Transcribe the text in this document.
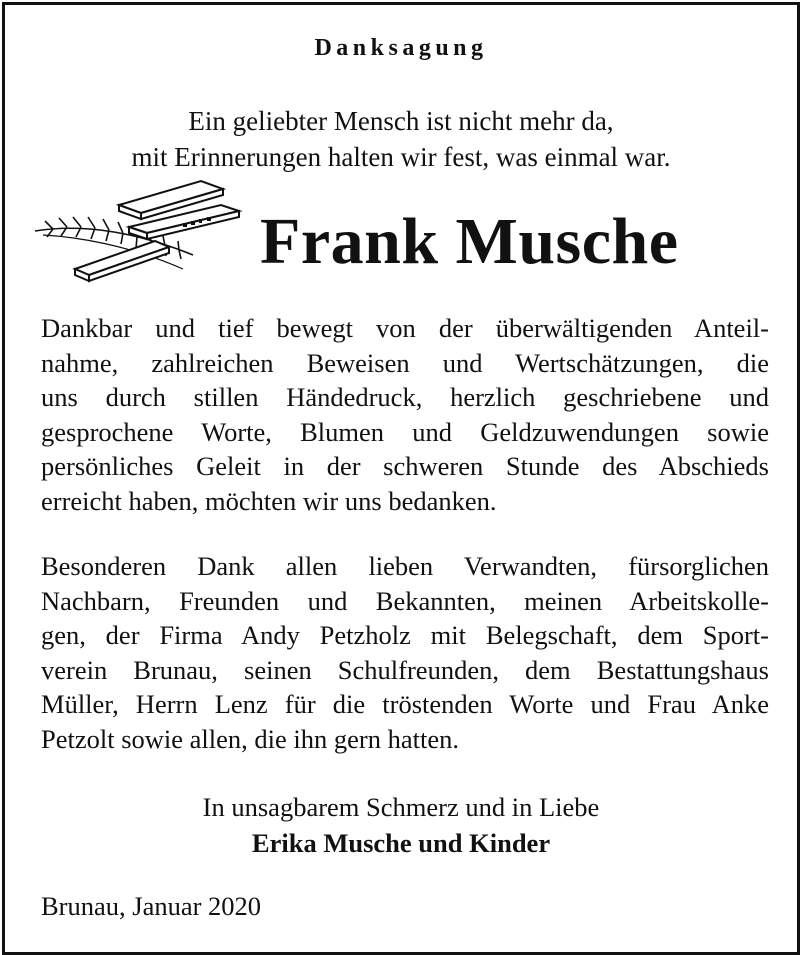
Danksagung
Ein geliebter Mensch ist nicht mehr da,
mit Erinnerungen halten wir fest, was einmal war.
Frank Musche
Dankbar und tief bewegt von der überwältigenden Anteil-
nahme, zahlreichen Beweisen und Wertschätzungen, die
uns durch stillen Händedruck, herzlich geschriebene und
gesprochene Worte, Blumen und Geldzuwendungen sowie
persönliches Geleit in der schweren Stunde des Abschieds
erreicht haben, möchten wir uns bedanken.
Besonderen Dank allen lieben Verwandten, fürsorglichen
Nachbarn, Freunden und Bekannten, meinen Arbeitskolle-
gen, der Firma Andy Petzholz mit Belegschaft, dem Sport-
verein Brunau, seinen Schulfreunden, dem Bestattungshaus
Müller, Herrn Lenz für die tröstenden Worte und Frau Anke
Petzolt sowie allen, die ihn gern hatten.
In unsagbarem Schmerz und in Liebe
Erika Musche und Kinder
Brunau, Januar 2020
